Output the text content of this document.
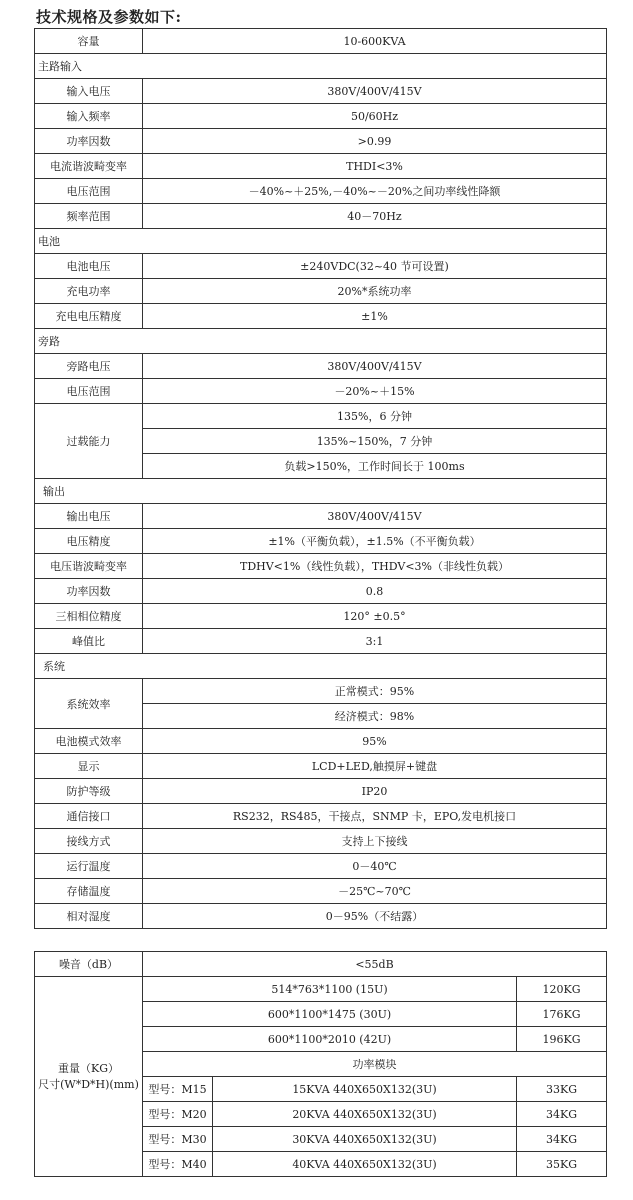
技术规格及参数如下:
容量	10-600KVA
主路输入	
输入电压	380V/400V/415V
输入频率	50/60Hz
功率因数	>0.99
电流谐波畸变率	THDI<3%
电压范围	－40%~＋25%,－40%~－20%之间功率线性降额
频率范围	40－70Hz
电池	
电池电压	±240VDC(32~40 节可设置)
充电功率	20%*系统功率
充电电压精度	±1%
旁路	
旁路电压	380V/400V/415V
电压范围	－20%~＋15%
过载能力	135%，6 分钟
	135%~150%，7 分钟
	负载>150%，工作时间长于 100ms
输出	
输出电压	380V/400V/415V
电压精度	±1%（平衡负载），±1.5%（不平衡负载）
电压谐波畸变率	TDHV<1%（线性负载），THDV<3%（非线性负载）
功率因数	0.8
三相相位精度	120° ±0.5°
峰值比	3:1
系统	
系统效率	正常模式：95%
	经济模式：98%
电池模式效率	95%
显示	LCD+LED,触摸屏+键盘
防护等级	IP20
通信接口	RS232，RS485，干接点，SNMP 卡，EPO,发电机接口
接线方式	支持上下接线
运行温度	0－40℃
存储温度	－25℃~70℃
相对湿度	0－95%（不结露）
噪音（dB）	<55dB		

重量（KG）
尺寸(W*D*H)(mm)	514*763*1100 (15U)		120KG
	600*1100*1475 (30U)		176KG
	600*1100*2010 (42U)		196KG
	功率模块		
	型号：M15	15KVA 440X650X132(3U)	33KG
	型号：M20	20KVA 440X650X132(3U)	34KG
	型号：M30	30KVA 440X650X132(3U)	34KG
	型号：M40	40KVA 440X650X132(3U)	35KG
